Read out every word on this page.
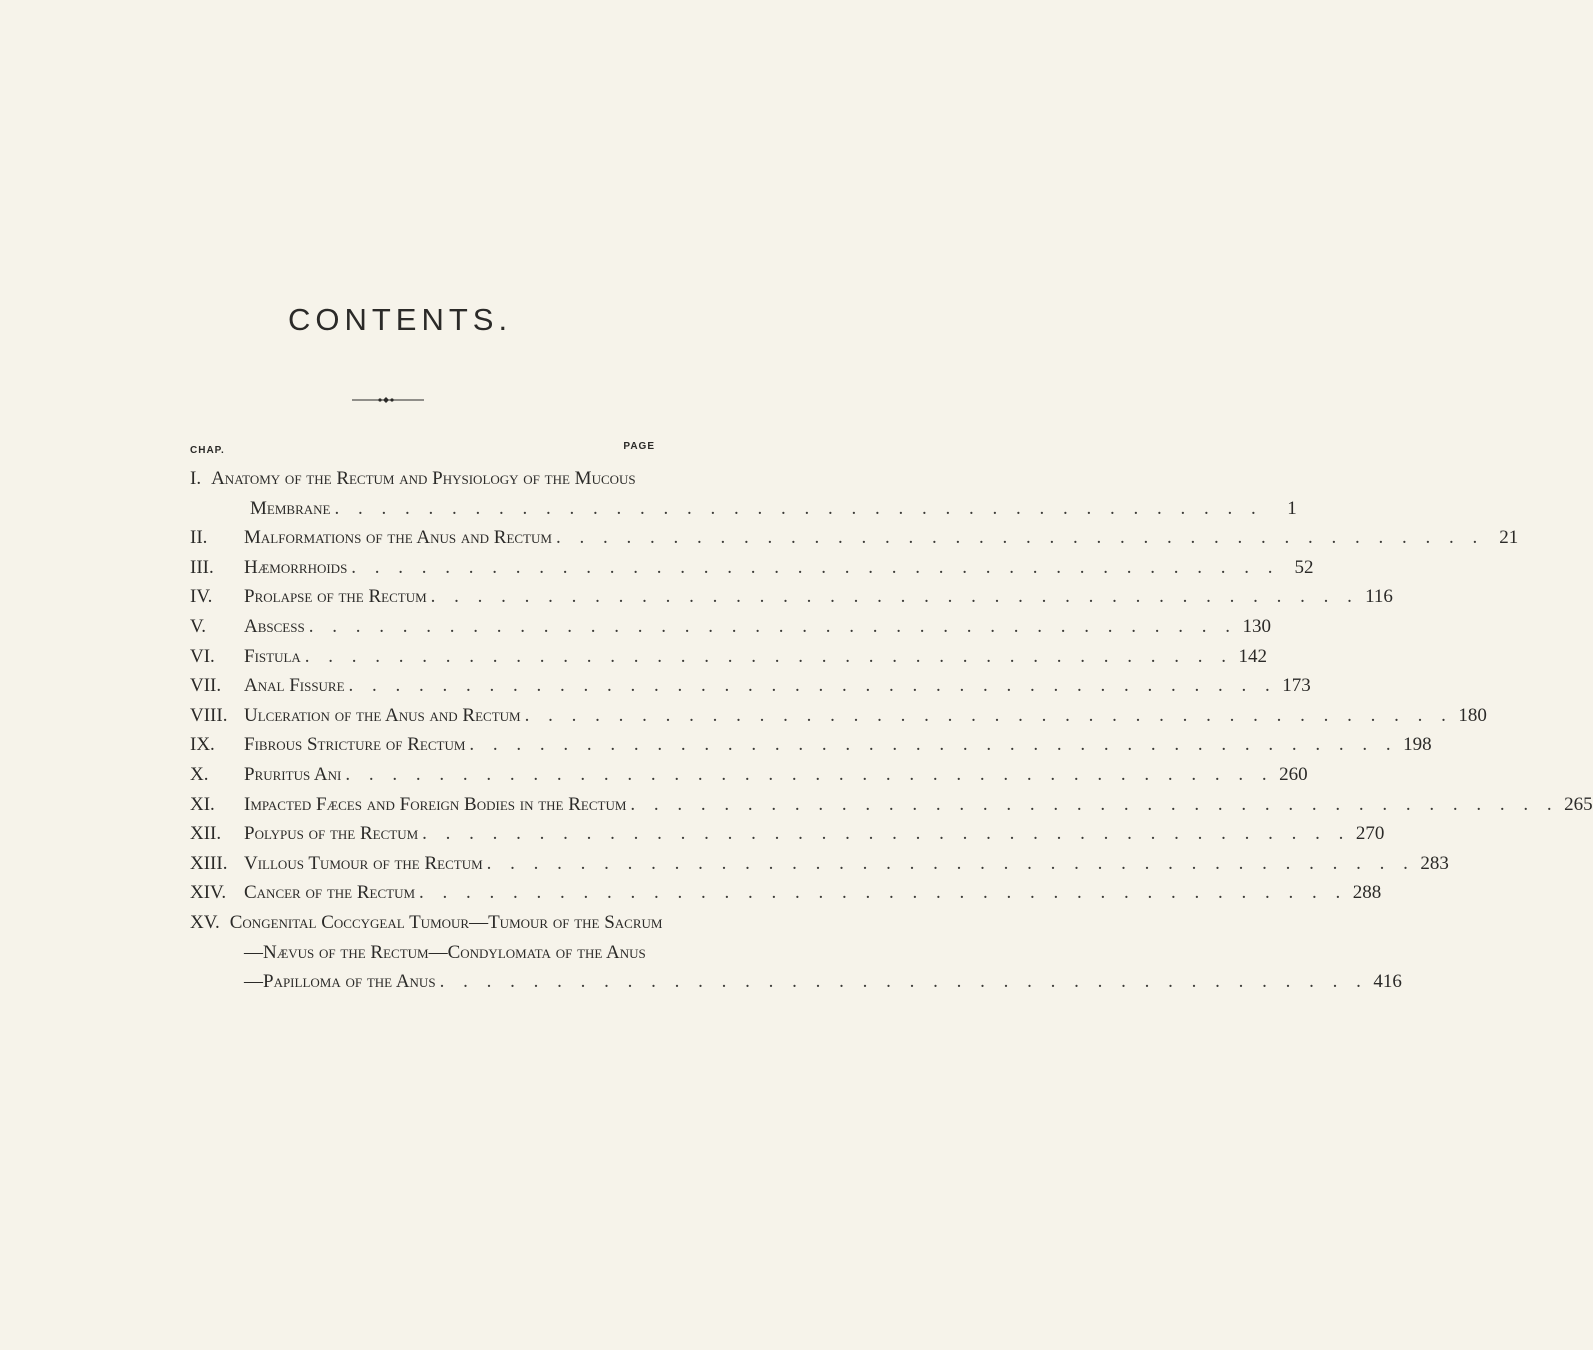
CONTENTS.
CHAP.	PAGE
I. Anatomy of the Rectum and Physiology of the Mucous
Membrane . . . . . . . . . . . . . . . . . . . . . . . . . . . . . . . . . . . . . . . .	1
II.	Malformations of the Anus and Rectum . . . . . . . . . . . . . . . . . . . . . . . . . . . . . . . . . . . . . . . . 21
III.	Hæmorrhoids . . . . . . . . . . . . . . . . . . . . . . . . . . . . . . . . . . . . . . . . 52
IV.	Prolapse of the Rectum . . . . . . . . . . . . . . . . . . . . . . . . . . . . . . . . . . . . . . . . 116
V.	Abscess . . . . . . . . . . . . . . . . . . . . . . . . . . . . . . . . . . . . . . . . 130
VI.	Fistula . . . . . . . . . . . . . . . . . . . . . . . . . . . . . . . . . . . . . . . . 142
VII.	Anal Fissure . . . . . . . . . . . . . . . . . . . . . . . . . . . . . . . . . . . . . . . . 173
VIII. Ulceration of the Anus and Rectum . . . . . . . . . . . . . . . . . . . . . . . . . . . . . . . . . . . . . . . . 180
IX.	Fibrous Stricture of Rectum . . . . . . . . . . . . . . . . . . . . . . . . . . . . . . . . . . . . . . . . 198
X.	Pruritus Ani . . . . . . . . . . . . . . . . . . . . . . . . . . . . . . . . . . . . . . . . 260
XI.	Impacted Fæces and Foreign Bodies in the Rectum . . . . . . . . . . . . . . . . . . . . . . . . . . . . . . . . . . . . . . . . 265
XII.	Polypus of the Rectum . . . . . . . . . . . . . . . . . . . . . . . . . . . . . . . . . . . . . . . . 270
XIII. Villous Tumour of the Rectum . . . . . . . . . . . . . . . . . . . . . . . . . . . . . . . . . . . . . . . . 283
XIV. Cancer of the Rectum . . . . . . . . . . . . . . . . . . . . . . . . . . . . . . . . . . . . . . . . 288
XV. Congenital Coccygeal Tumour—Tumour of the Sacrum
—Nævus of the Rectum—Condylomata of the Anus
—Papilloma of the Anus . . . . . . . . . . . . . . . . . . . . . . . . . . . . . . . . . . . . . . . . 416
